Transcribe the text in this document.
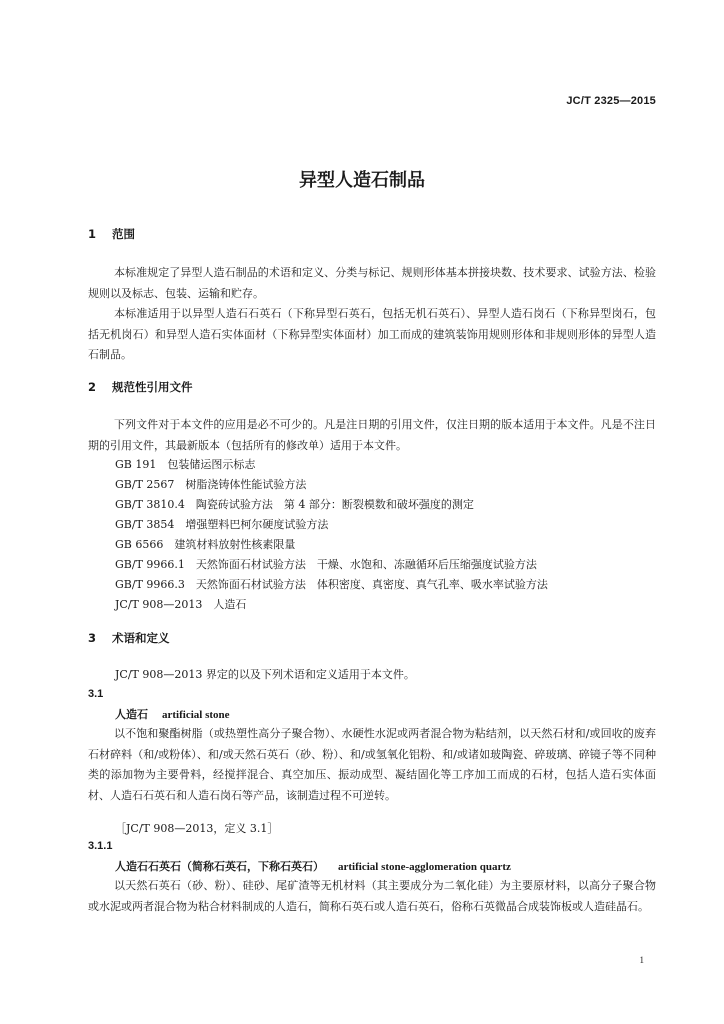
JC/T 2325—2015
异型人造石制品
1 范围
本标准规定了异型人造石制品的术语和定义、分类与标记、规则形体基本拼接块数、技术要求、试验方法、检验规则以及标志、包装、运输和贮存。
本标准适用于以异型人造石石英石（下称异型石英石，包括无机石英石）、异型人造石岗石（下称异型岗石，包括无机岗石）和异型人造石实体面材（下称异型实体面材）加工而成的建筑装饰用规则形体和非规则形体的异型人造石制品。
2 规范性引用文件
下列文件对于本文件的应用是必不可少的。凡是注日期的引用文件，仅注日期的版本适用于本文件。凡是不注日期的引用文件，其最新版本（包括所有的修改单）适用于本文件。
GB 191　包装储运图示标志
GB/T 2567　树脂浇铸体性能试验方法
GB/T 3810.4　陶瓷砖试验方法　第 4 部分：断裂模数和破坏强度的测定
GB/T 3854　增强塑料巴柯尔硬度试验方法
GB 6566　建筑材料放射性核素限量
GB/T 9966.1　天然饰面石材试验方法　干燥、水饱和、冻融循环后压缩强度试验方法
GB/T 9966.3　天然饰面石材试验方法　体积密度、真密度、真气孔率、吸水率试验方法
JC/T 908—2013　人造石
3 术语和定义
JC/T 908—2013 界定的以及下列术语和定义适用于本文件。
3.1
人造石 artificial stone
以不饱和聚酯树脂（或热塑性高分子聚合物）、水硬性水泥或两者混合物为粘结剂，以天然石材和/或回收的废弃石材碎料（和/或粉体）、和/或天然石英石（砂、粉）、和/或氢氧化铝粉、和/或诸如玻陶瓷、碎玻璃、碎镜子等不同种类的添加物为主要骨料，经搅拌混合、真空加压、振动成型、凝结固化等工序加工而成的石材，包括人造石实体面材、人造石石英石和人造石岗石等产品，该制造过程不可逆转。
［JC/T 908—2013，定义 3.1］
3.1.1
人造石石英石（简称石英石，下称石英石） artificial stone-agglomeration quartz
以天然石英石（砂、粉）、硅砂、尾矿渣等无机材料（其主要成分为二氧化硅）为主要原材料，以高分子聚合物或水泥或两者混合物为粘合材料制成的人造石，简称石英石或人造石英石，俗称石英微晶合成装饰板或人造硅晶石。
1
